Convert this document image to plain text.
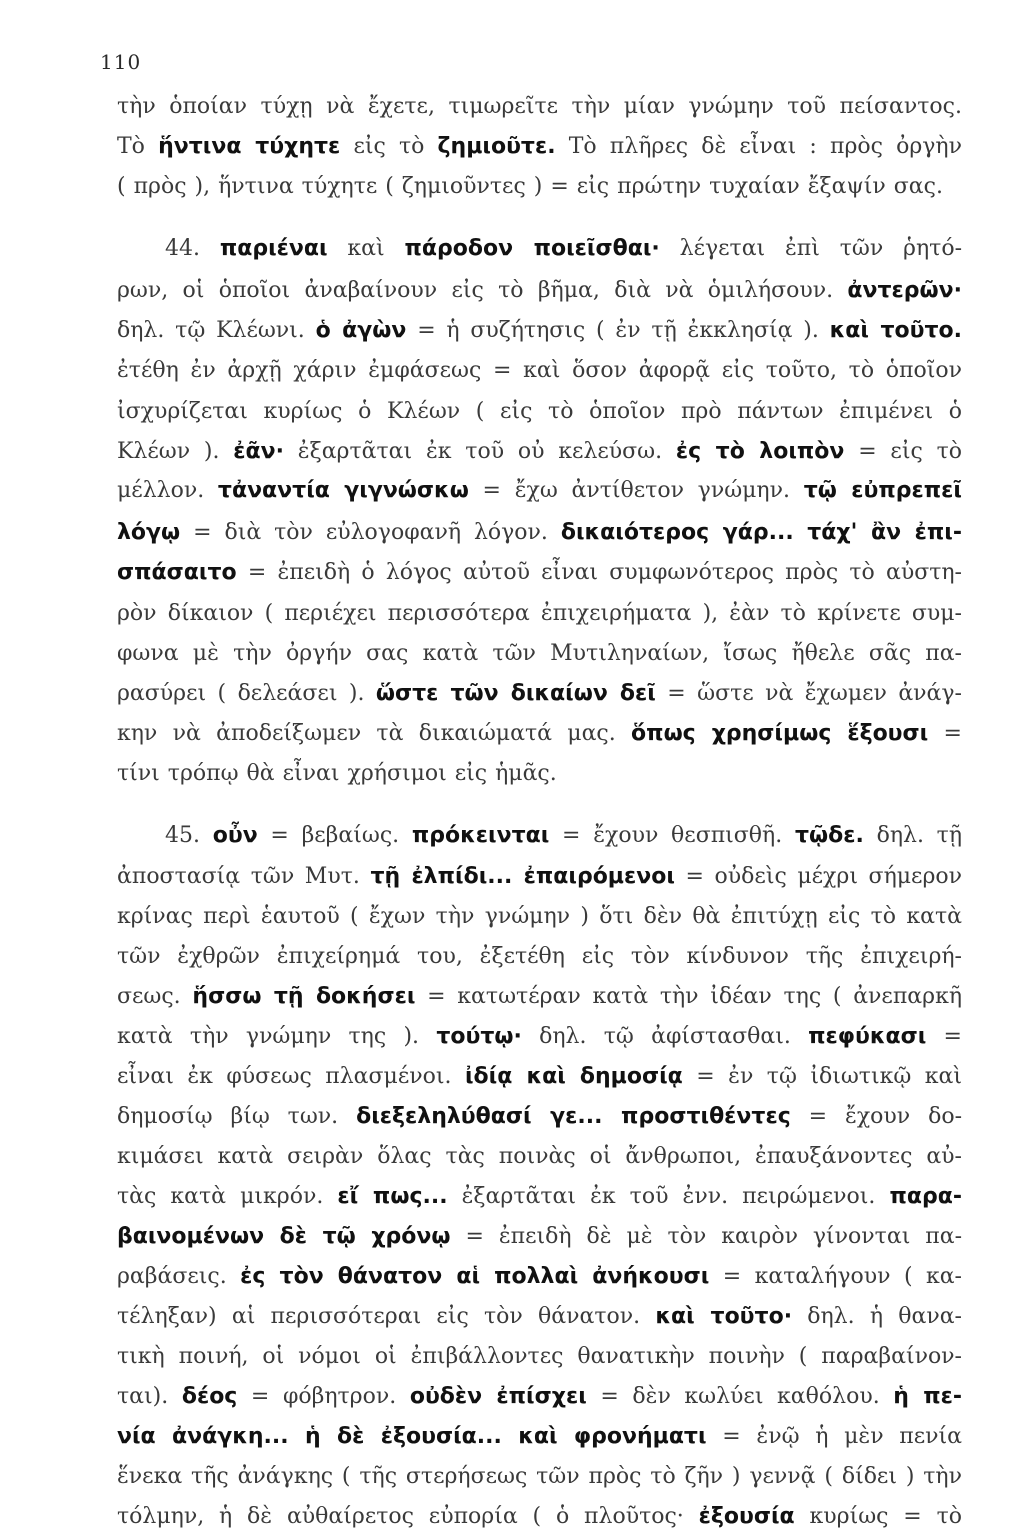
110
τὴν ὁποίαν τύχῃ νὰ ἔχετε, τιμωρεῖτε τὴν μίαν γνώμην τοῦ πείσαντος.
Τὸ ἥντινα τύχητε εἰς τὸ ζημιοῦτε. Τὸ πλῆρες δὲ εἶναι : πρὸς ὀργὴν
( πρὸς ), ἥντινα τύχητε ( ζημιοῦντες ) = εἰς πρώτην τυχαίαν ἔξαψίν σας.
44. παριέναι καὶ πάροδον ποιεῖσθαι· λέγεται ἐπὶ τῶν ῥητό-
ρων, οἱ ὁποῖοι ἀναβαίνουν εἰς τὸ βῆμα, διὰ νὰ ὁμιλήσουν. ἀντερῶν·
δηλ. τῷ Κλέωνι. ὁ ἀγὼν = ἡ συζήτησις ( ἐν τῇ ἐκκλησίᾳ ). καὶ τοῦτο.
ἐτέθη ἐν ἀρχῇ χάριν ἐμφάσεως = καὶ ὅσον ἀφορᾷ εἰς τοῦτο, τὸ ὁποῖον
ἰσχυρίζεται κυρίως ὁ Κλέων ( εἰς τὸ ὁποῖον πρὸ πάντων ἐπιμένει ὁ
Κλέων ). ἐᾶν· ἐξαρτᾶται ἐκ τοῦ οὐ κελεύσω. ἐς τὸ λοιπὸν = εἰς τὸ
μέλλον. τἀναντία γιγνώσκω = ἔχω ἀντίθετον γνώμην. τῷ εὐπρεπεῖ
λόγῳ = διὰ τὸν εὐλογοφανῆ λόγον. δικαιότερος γάρ... τάχ' ἂν ἐπι-
σπάσαιτο = ἐπειδὴ ὁ λόγος αὐτοῦ εἶναι συμφωνότερος πρὸς τὸ αὐστη-
ρὸν δίκαιον ( περιέχει περισσότερα ἐπιχειρήματα ), ἐὰν τὸ κρίνετε συμ-
φωνα μὲ τὴν ὀργήν σας κατὰ τῶν Μυτιληναίων, ἴσως ἤθελε σᾶς πα-
ρασύρει ( δελεάσει ). ὥστε τῶν δικαίων δεῖ = ὥστε νὰ ἔχωμεν ἀνάγ-
κην νὰ ἀποδείξωμεν τὰ δικαιώματά μας. ὅπως χρησίμως ἕξουσι =
τίνι τρόπῳ θὰ εἶναι χρήσιμοι εἰς ἡμᾶς.
45. οὖν = βεβαίως. πρόκεινται = ἔχουν θεσπισθῆ. τῷδε. δηλ. τῇ
ἀποστασίᾳ τῶν Μυτ. τῇ ἐλπίδι... ἐπαιρόμενοι = οὐδεὶς μέχρι σήμερον
κρίνας περὶ ἑαυτοῦ ( ἔχων τὴν γνώμην ) ὅτι δὲν θὰ ἐπιτύχῃ εἰς τὸ κατὰ
τῶν ἐχθρῶν ἐπιχείρημά του, ἐξετέθη εἰς τὸν κίνδυνον τῆς ἐπιχειρή-
σεως. ἥσσω τῇ δοκήσει = κατωτέραν κατὰ τὴν ἰδέαν της ( ἀνεπαρκῆ
κατὰ τὴν γνώμην της ). τούτῳ· δηλ. τῷ ἀφίστασθαι. πεφύκασι =
εἶναι ἐκ φύσεως πλασμένοι. ἰδίᾳ καὶ δημοσίᾳ = ἐν τῷ ἰδιωτικῷ καὶ
δημοσίῳ βίῳ των. διεξεληλύθασί γε... προστιθέντες = ἔχουν δο-
κιμάσει κατὰ σειρὰν ὅλας τὰς ποινὰς οἱ ἄνθρωποι, ἐπαυξάνοντες αὐ-
τὰς κατὰ μικρόν. εἴ πως... ἐξαρτᾶται ἐκ τοῦ ἐνν. πειρώμενοι. παρα-
βαινομένων δὲ τῷ χρόνῳ = ἐπειδὴ δὲ μὲ τὸν καιρὸν γίνονται πα-
ραβάσεις. ἐς τὸν θάνατον αἱ πολλαὶ ἀνήκουσι = καταλήγουν ( κα-
τέληξαν) αἱ περισσότεραι εἰς τὸν θάνατον. καὶ τοῦτο· δηλ. ἡ θανα-
τικὴ ποινή, οἱ νόμοι οἱ ἐπιβάλλοντες θανατικὴν ποινὴν ( παραβαίνον-
ται). δέος = φόβητρον. οὐδὲν ἐπίσχει = δὲν κωλύει καθόλου. ἡ πε-
νία ἀνάγκη... ἡ δὲ ἐξουσία... καὶ φρονήματι = ἐνῷ ἡ μὲν πενία
ἕνεκα τῆς ἀνάγκης ( τῆς στερήσεως τῶν πρὸς τὸ ζῆν ) γεννᾷ ( δίδει ) τὴν
τόλμην, ἡ δὲ αὐθαίρετος εὐπορία ( ὁ πλοῦτος· ἐξουσία κυρίως = τὸ
